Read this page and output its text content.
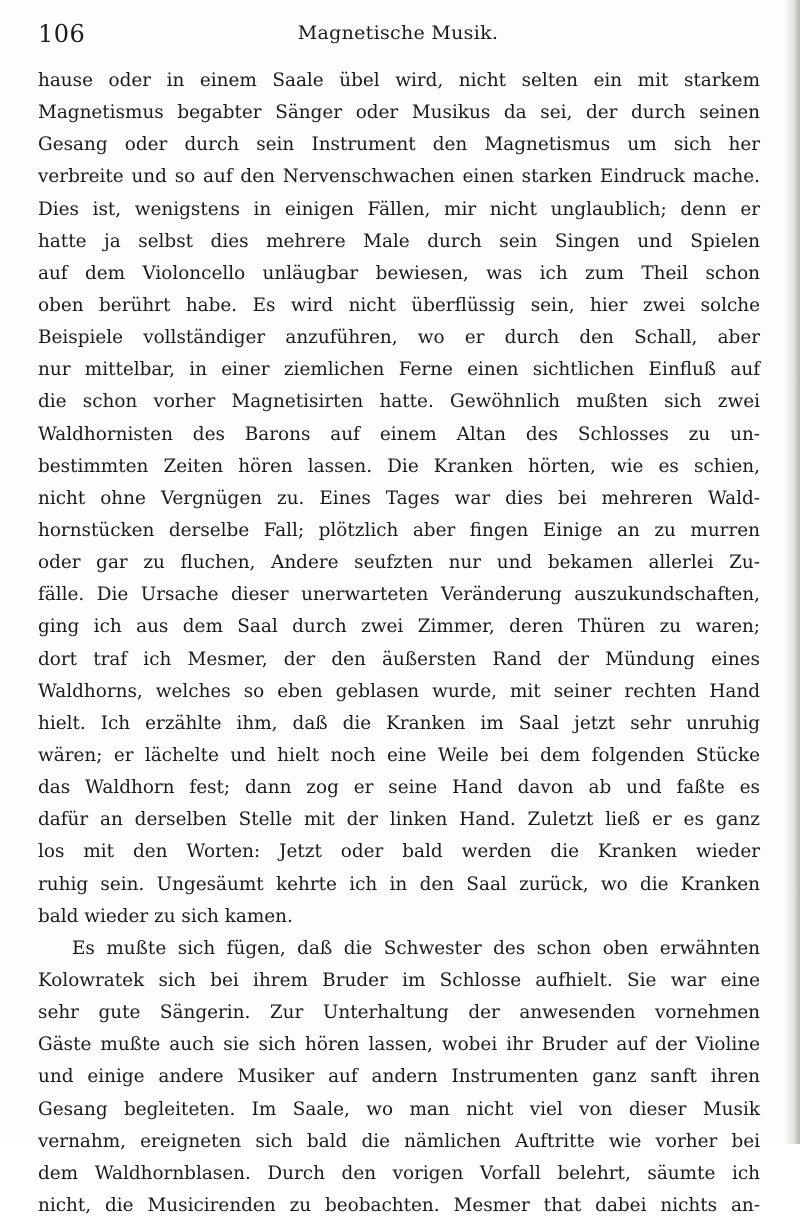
106	Magnetische Musik.
hause oder in einem Saale übel wird, nicht selten ein mit starkem
Magnetismus begabter Sänger oder Musikus da sei, der durch seinen
Gesang oder durch sein Instrument den Magnetismus um sich her
verbreite und so auf den Nervenschwachen einen starken Eindruck mache.
Dies ist, wenigstens in einigen Fällen, mir nicht unglaublich; denn er
hatte ja selbst dies mehrere Male durch sein Singen und Spielen
auf dem Violoncello unläugbar bewiesen, was ich zum Theil schon
oben berührt habe. Es wird nicht überflüssig sein, hier zwei solche
Beispiele vollständiger anzuführen, wo er durch den Schall, aber
nur mittelbar, in einer ziemlichen Ferne einen sichtlichen Einfluß auf
die schon vorher Magnetisirten hatte. Gewöhnlich mußten sich zwei
Waldhornisten des Barons auf einem Altan des Schlosses zu un-
bestimmten Zeiten hören lassen. Die Kranken hörten, wie es schien,
nicht ohne Vergnügen zu. Eines Tages war dies bei mehreren Wald-
hornstücken derselbe Fall; plötzlich aber fingen Einige an zu murren
oder gar zu fluchen, Andere seufzten nur und bekamen allerlei Zu-
fälle. Die Ursache dieser unerwarteten Veränderung auszukundschaften,
ging ich aus dem Saal durch zwei Zimmer, deren Thüren zu waren;
dort traf ich Mesmer, der den äußersten Rand der Mündung eines
Waldhorns, welches so eben geblasen wurde, mit seiner rechten Hand
hielt. Ich erzählte ihm, daß die Kranken im Saal jetzt sehr unruhig
wären; er lächelte und hielt noch eine Weile bei dem folgenden Stücke
das Waldhorn fest; dann zog er seine Hand davon ab und faßte es
dafür an derselben Stelle mit der linken Hand. Zuletzt ließ er es ganz
los mit den Worten: Jetzt oder bald werden die Kranken wieder
ruhig sein. Ungesäumt kehrte ich in den Saal zurück, wo die Kranken
bald wieder zu sich kamen.
Es mußte sich fügen, daß die Schwester des schon oben erwähnten
Kolowratek sich bei ihrem Bruder im Schlosse aufhielt. Sie war eine
sehr gute Sängerin. Zur Unterhaltung der anwesenden vornehmen
Gäste mußte auch sie sich hören lassen, wobei ihr Bruder auf der Violine
und einige andere Musiker auf andern Instrumenten ganz sanft ihren
Gesang begleiteten. Im Saale, wo man nicht viel von dieser Musik
vernahm, ereigneten sich bald die nämlichen Auftritte wie vorher bei
dem Waldhornblasen. Durch den vorigen Vorfall belehrt, säumte ich
nicht, die Musicirenden zu beobachten. Mesmer that dabei nichts an-
